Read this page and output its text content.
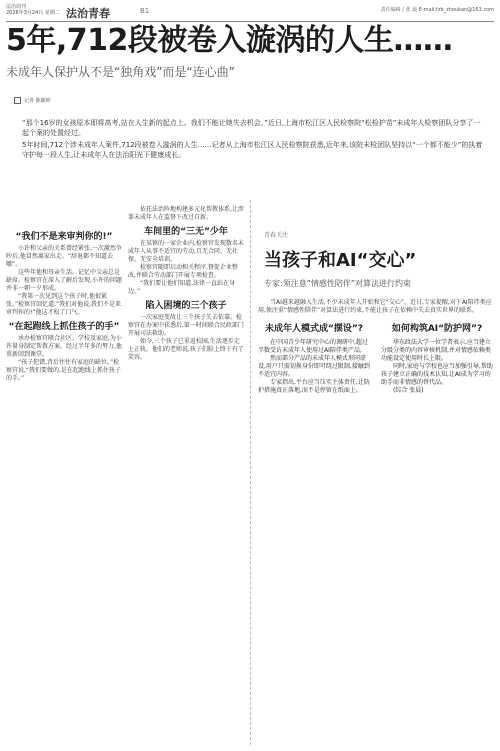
法治周刊
2026年3月24日 星期二 法治青春	B1	责任编辑 / 张 晨 E-mail:fzb_zhoukan@163.com
5年,712段被卷入漩涡的人生……
未成年人保护从不是“独角戏”而是“连心曲”
记者 陈颖婷

“那个16岁的女孩原本即将高考,站在人生新的起点上。我们不能让她失去机会。”近日,上海市松江区人民检察院“松检护苗”未成年人检察团队分享了一起个案的处置经过。

5年时间,712个涉未成年人案件,712段被卷入漩涡的人生……记者从上海市松江区人民检察院获悉,近年来,该院未检团队坚持以“一个都不能少”的执着守护每一段人生,让未成年人在法治阳光下健康成长。

“我们不是来审判你的!”

小许和父亲的关系曾经紧张,一次激烈争吵后,他冒然离家出走。“辞退都不知道去哪”。

这些年他和母亲生活。记忆中父亲总是缺席。检察官在深入了解后发现,小许的问题并非一朝一夕形成。

“我第一次见到这个孩子时,他很紧张。”检察官回忆道,“我们对他说,我们不是来审判你的!”他这才松了口气。

“在起跑线上抓住孩子的手”

承办检察官联合社区、学校及家庭,为小许量身制定帮教方案。经过半年多的努力,他重新回到课堂。

“孩子犯错,背后往往有家庭的缺位。”检察官说,“我们要做的,是在起跑线上抓住孩子的手。”

依托法治阵地构建多元化帮教体系,让涉罪未成年人在监督下改过自新。

车间里的“三无”少年

在某镇的一家企业内,检察官发现数名未成年人从事不适宜的劳动,且无合同、无社保、无安全培训。

检察官随即启动相关程序,督促企业整改,并联合劳动部门开展专项检查。

“我们要让他们知道,法律一直站在身边。”

陷入困境的三个孩子

一次家庭变故让三个孩子失去依靠。检察官在办案中获悉后,第一时间联合民政部门开展司法救助。

如今,三个孩子已重返校园,生活逐步走上正轨。他们的老师说,孩子们脸上终于有了笑容。

青春关注
当孩子和AI“交心”
专家:须注意“情感性陪伴”对算法进行约束
当AI越来越融入生活,不少未成年人开始和它“交心”。近日,专家提醒,对于AI陪伴类应用,须注重“情感性陪伴”对算法进行约束,不能让孩子在依赖中失去真实世界的联系。
未成年人模式成“摆设”?

在中国青少年研究中心的调研中,超过半数受访未成年人使用过AI陪伴类产品。

然而部分产品的未成年人模式形同虚设,用户只需切换身份即可绕过限制,接触到不适宜内容。

专家指出,平台应当压实主体责任,让防护措施真正落地,而不是停留在纸面上。

如何构筑AI“防护网”?

华东政法大学一位学者表示,应当建立分级分类的内容审核机制,并对情感依赖类功能设定使用时长上限。

同时,家庭与学校也应当加强引导,帮助孩子建立正确的技术认知,让AI成为学习的助手而非情感的替代品。

(综合 张晨)
